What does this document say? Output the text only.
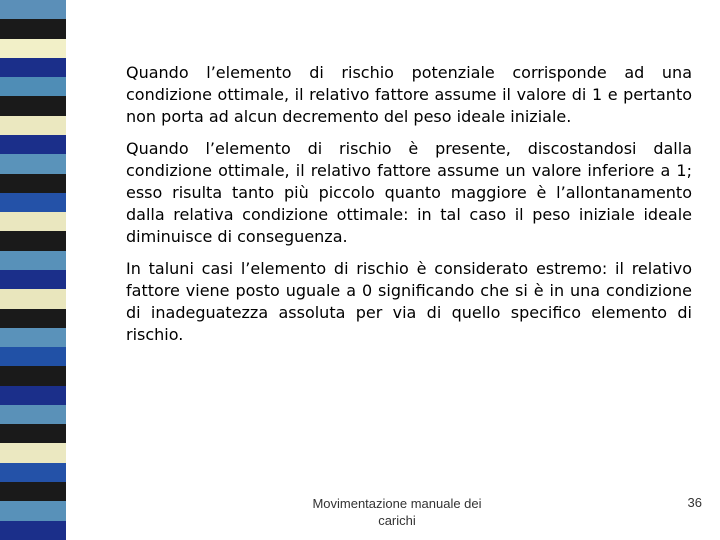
Quando l’elemento di rischio potenziale corrisponde ad una condizione ottimale, il relativo fattore assume il valore di 1 e pertanto non porta ad alcun decremento del peso ideale iniziale.

Quando l’elemento di rischio è presente, discostandosi dalla condizione ottimale, il relativo fattore assume un valore inferiore a 1; esso risulta tanto più piccolo quanto maggiore è l’allontanamento dalla relativa condizione ottimale: in tal caso il peso iniziale ideale diminuisce di conseguenza.

In taluni casi l’elemento di rischio è considerato estremo: il relativo fattore viene posto uguale a 0 significando che si è in una condizione di inadeguatezza assoluta per via di quello specifico elemento di rischio.

Movimentazione manuale dei carichi
36
